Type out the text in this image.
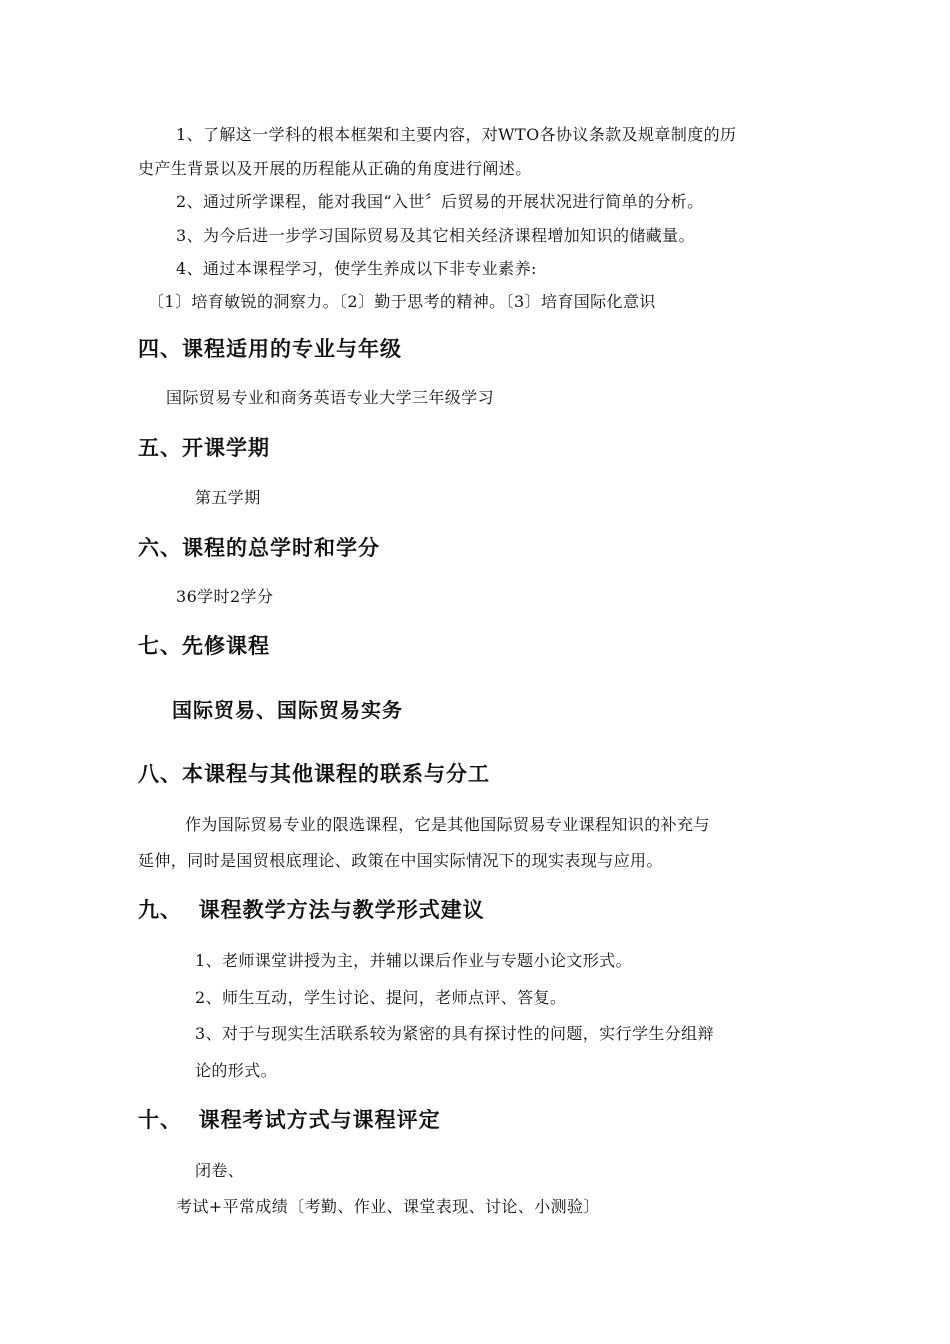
1、了解这一学科的根本框架和主要内容，对WTO各协议条款及规章制度的历
史产生背景以及开展的历程能从正确的角度进行阐述。
2、通过所学课程，能对我国“入世〞后贸易的开展状况进行简单的分析。
3、为今后进一步学习国际贸易及其它相关经济课程增加知识的储藏量。
4、通过本课程学习，使学生养成以下非专业素养:
〔1〕培育敏锐的洞察力。〔2〕勤于思考的精神。〔3〕培育国际化意识
四、课程适用的专业与年级
国际贸易专业和商务英语专业大学三年级学习
五、开课学期
第五学期
六、课程的总学时和学分
36学时2学分
七、先修课程
国际贸易、国际贸易实务
八、本课程与其他课程的联系与分工
作为国际贸易专业的限选课程，它是其他国际贸易专业课程知识的补充与
延伸，同时是国贸根底理论、政策在中国实际情况下的现实表现与应用。
九、  课程教学方法与教学形式建议
1、老师课堂讲授为主，并辅以课后作业与专题小论文形式。
2、师生互动，学生讨论、提问，老师点评、答复。
3、对于与现实生活联系较为紧密的具有探讨性的问题，实行学生分组辩
论的形式。
十、  课程考试方式与课程评定
闭卷、
考试+平常成绩〔考勤、作业、课堂表现、讨论、小测验〕
